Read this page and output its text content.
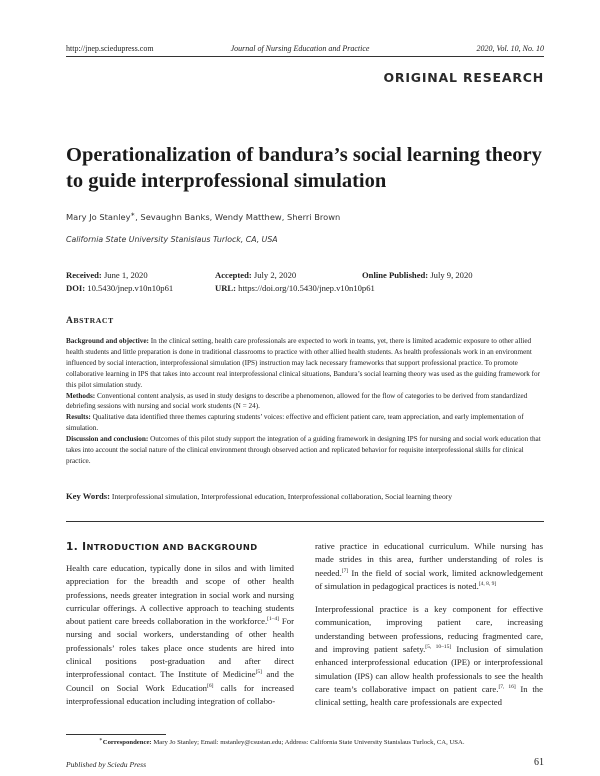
http://jnep.sciedupress.com	Journal of Nursing Education and Practice	2020, Vol. 10, No. 10
ORIGINAL RESEARCH
Operationalization of bandura’s social learning theory
to guide interprofessional simulation
Mary Jo Stanley∗, Sevaughn Banks, Wendy Matthew, Sherri Brown
California State University Stanislaus Turlock, CA, USA
Received: June 1, 2020	Accepted: July 2, 2020	Online Published: July 9, 2020
DOI: 10.5430/jnep.v10n10p61	URL: https://doi.org/10.5430/jnep.v10n10p61
ABSTRACT

Background and objective: In the clinical setting, health care professionals are expected to work in teams, yet, there is limited academic exposure to other allied health students and little preparation is done in traditional classrooms to practice with other allied health students. As health professionals work in an environment influenced by social interaction, interprofessional simulation (IPS) instruction may lack necessary frameworks that support professional practice. To promote collaborative learning in IPS that takes into account real interprofessional clinical situations, Bandura’s social learning theory was used as the guiding framework for this pilot simulation study.

Methods: Conventional content analysis, as used in study designs to describe a phenomenon, allowed for the flow of categories to be derived from standardized debriefing sessions with nursing and social work students (N = 24).

Results: Qualitative data identified three themes capturing students’ voices: effective and efficient patient care, team appreciation, and early implementation of simulation.

Discussion and conclusion: Outcomes of this pilot study support the integration of a guiding framework in designing IPS for nursing and social work education that takes into account the social nature of the clinical environment through observed action and replicated behavior for requisite interprofessional skills for clinical practice.

Key Words: Interprofessional simulation, Interprofessional education, Interprofessional collaboration, Social learning theory
1. INTRODUCTION AND BACKGROUND

Health care education, typically done in silos and with limited appreciation for the breadth and scope of other health professions, needs greater integration in social work and nursing curricular offerings. A collective approach to teaching students about patient care breeds collaboration in the workforce.[1–4] For nursing and social workers, understanding of other health professionals’ roles takes place once students are hired into clinical positions post-graduation and after direct interprofessional contact. The Institute of Medicine[5] and the Council on Social Work Education[6] calls for increased interprofessional education including integration of collabo-

rative practice in educational curriculum. While nursing has made strides in this area, further understanding of roles is needed.[7] In the field of social work, limited acknowledgement of simulation in pedagogical practices is noted.[4, 8, 9]

Interprofessional practice is a key component for effective communication, improving patient care, increasing understanding between professions, reducing fragmented care, and improving patient safety.[5, 10–15] Inclusion of simulation enhanced interprofessional education (IPE) or interprofessional simulation (IPS) can allow health professionals to see the health care team’s collaborative impact on patient care.[7, 16] In the clinical setting, health care professionals are expected

∗Correspondence: Mary Jo Stanley; Email: mstanley@csustan.edu; Address: California State University Stanislaus Turlock, CA, USA.
Published by Sciedu Press	61
